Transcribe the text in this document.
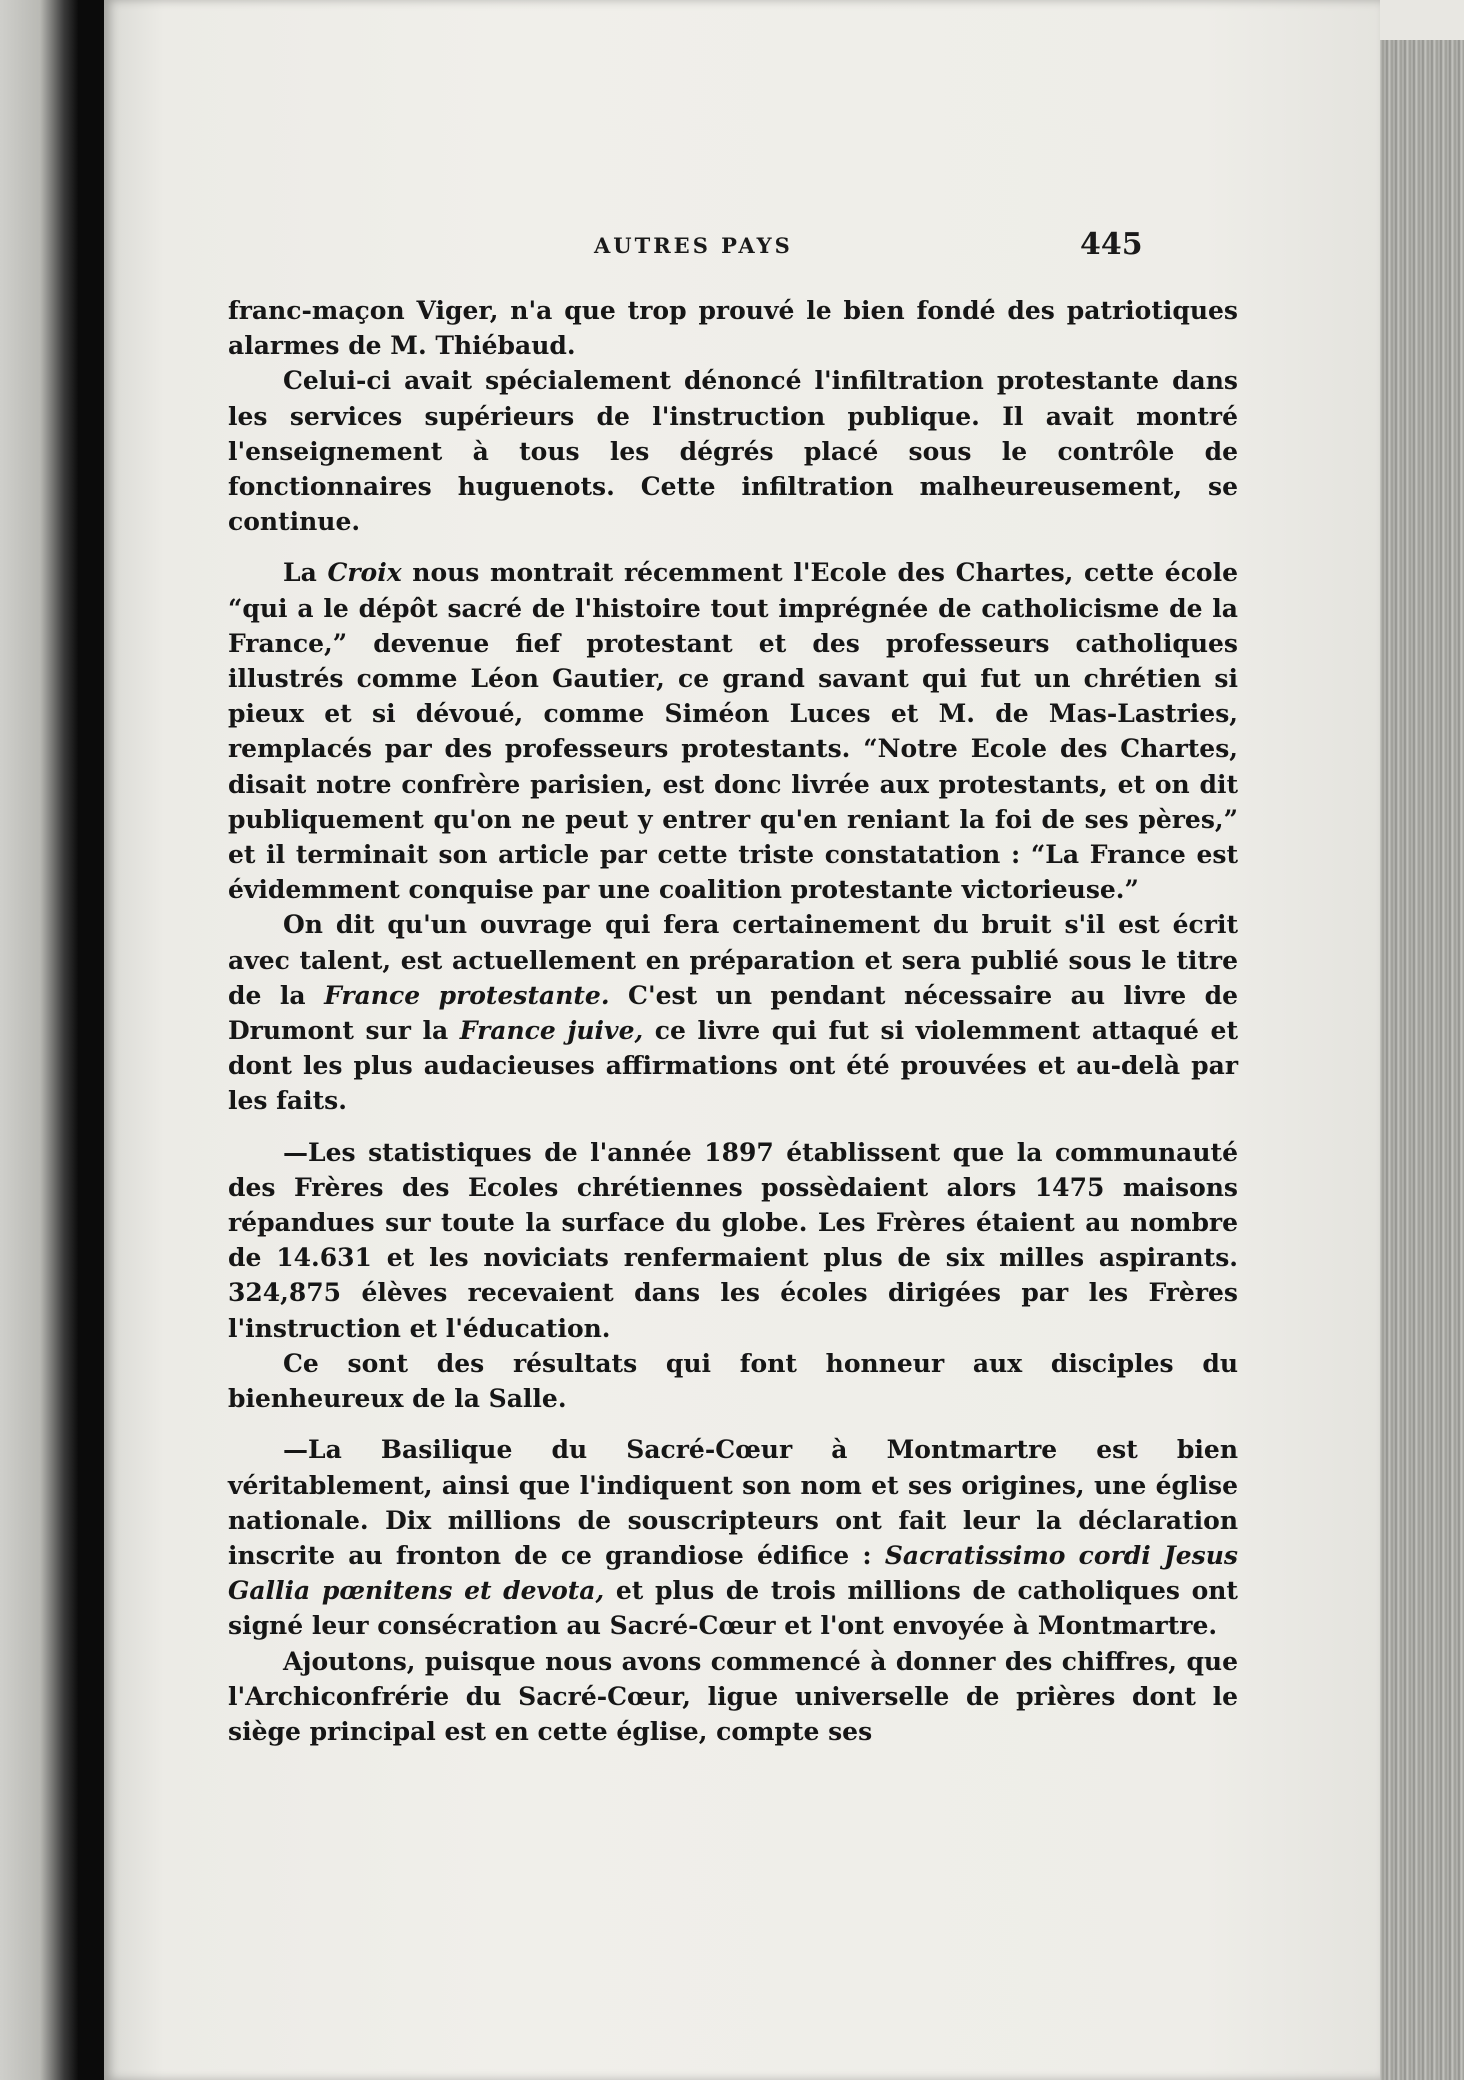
AUTRES PAYS	445

franc-maçon Viger, n'a que trop prouvé le bien fondé des patriotiques alarmes de M. Thiébaud.

Celui-ci avait spécialement dénoncé l'infiltration protestante dans les services supérieurs de l'instruction publique. Il avait montré l'enseignement à tous les dégrés placé sous le contrôle de fonctionnaires huguenots. Cette infiltration malheureusement, se continue.

La Croix nous montrait récemment l'Ecole des Chartes, cette école “qui a le dépôt sacré de l'histoire tout imprégnée de catholicisme de la France,” devenue fief protestant et des professeurs catholiques illustrés comme Léon Gautier, ce grand savant qui fut un chrétien si pieux et si dévoué, comme Siméon Luces et M. de Mas-Lastries, remplacés par des professeurs protestants. “Notre Ecole des Chartes, disait notre confrère parisien, est donc livrée aux protestants, et on dit publiquement qu'on ne peut y entrer qu'en reniant la foi de ses pères,” et il terminait son article par cette triste constatation : “La France est évidemment conquise par une coalition protestante victorieuse.”

On dit qu'un ouvrage qui fera certainement du bruit s'il est écrit avec talent, est actuellement en préparation et sera publié sous le titre de la France protestante. C'est un pendant nécessaire au livre de Drumont sur la France juive, ce livre qui fut si violemment attaqué et dont les plus audacieuses affirmations ont été prouvées et au-delà par les faits.

—Les statistiques de l'année 1897 établissent que la communauté des Frères des Ecoles chrétiennes possèdaient alors 1475 maisons répandues sur toute la surface du globe. Les Frères étaient au nombre de 14.631 et les noviciats renfermaient plus de six milles aspirants. 324,875 élèves recevaient dans les écoles dirigées par les Frères l'instruction et l'éducation.

Ce sont des résultats qui font honneur aux disciples du bienheureux de la Salle.

—La Basilique du Sacré-Cœur à Montmartre est bien véritablement, ainsi que l'indiquent son nom et ses origines, une église nationale. Dix millions de souscripteurs ont fait leur la déclaration inscrite au fronton de ce grandiose édifice : Sacratissimo cordi Jesus Gallia pœnitens et devota, et plus de trois millions de catholiques ont signé leur consécration au Sacré-Cœur et l'ont envoyée à Montmartre.

Ajoutons, puisque nous avons commencé à donner des chiffres, que l'Archiconfrérie du Sacré-Cœur, ligue universelle de prières dont le siège principal est en cette église, compte ses
